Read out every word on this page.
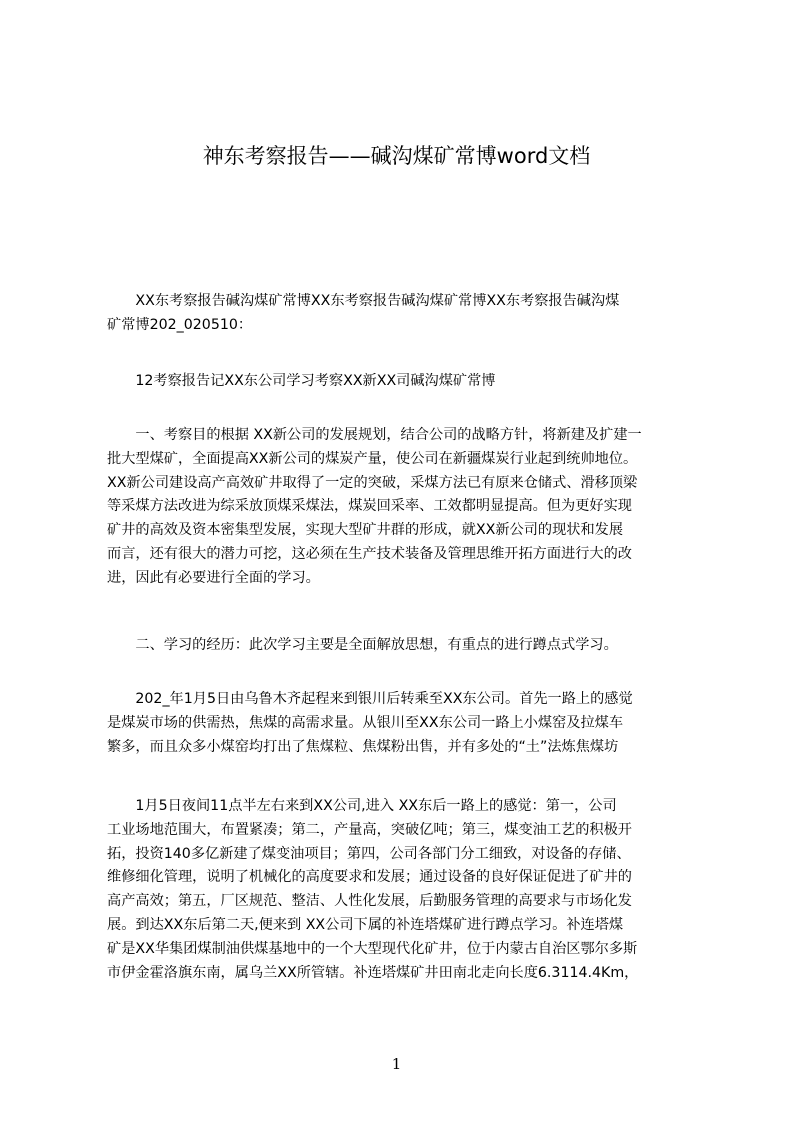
神东考察报告——碱沟煤矿常博word文档
　　XX东考察报告碱沟煤矿常博XX东考察报告碱沟煤矿常博XX东考察报告碱沟煤
矿常博202_020510：
　　12考察报告记XX东公司学习考察XX新XX司碱沟煤矿常博
　　一、考察目的根据 XX新公司的发展规划，结合公司的战略方针，将新建及扩建一
批大型煤矿，全面提高XX新公司的煤炭产量，使公司在新疆煤炭行业起到统帅地位。
XX新公司建设高产高效矿井取得了一定的突破，采煤方法已有原来仓储式、滑移顶梁
等采煤方法改进为综采放顶煤采煤法，煤炭回采率、工效都明显提高。但为更好实现
矿井的高效及资本密集型发展，实现大型矿井群的形成，就XX新公司的现状和发展
而言，还有很大的潜力可挖，这必须在生产技术装备及管理思维开拓方面进行大的改
进，因此有必要进行全面的学习。
　　二、学习的经历：此次学习主要是全面解放思想，有重点的进行蹲点式学习。
　　202_年1月5日由乌鲁木齐起程来到银川后转乘至XX东公司。首先一路上的感觉
是煤炭市场的供需热，焦煤的高需求量。从银川至XX东公司一路上小煤窑及拉煤车
繁多，而且众多小煤窑均打出了焦煤粒、焦煤粉出售，并有多处的“土”法炼焦煤坊
　　1月5日夜间11点半左右来到XX公司,进入 XX东后一路上的感觉：第一，公司
工业场地范围大，布置紧凑；第二，产量高，突破亿吨；第三，煤变油工艺的积极开
拓，投资140多亿新建了煤变油项目；第四，公司各部门分工细致，对设备的存储、
维修细化管理，说明了机械化的高度要求和发展；通过设备的良好保证促进了矿井的
高产高效；第五，厂区规范、整洁、人性化发展，后勤服务管理的高要求与市场化发
展。到达XX东后第二天,便来到 XX公司下属的补连塔煤矿进行蹲点学习。补连塔煤
矿是XX华集团煤制油供煤基地中的一个大型现代化矿井，位于内蒙古自治区鄂尔多斯
市伊金霍洛旗东南，属乌兰XX所管辖。补连塔煤矿井田南北走向长度6.3114.4Km，
1
